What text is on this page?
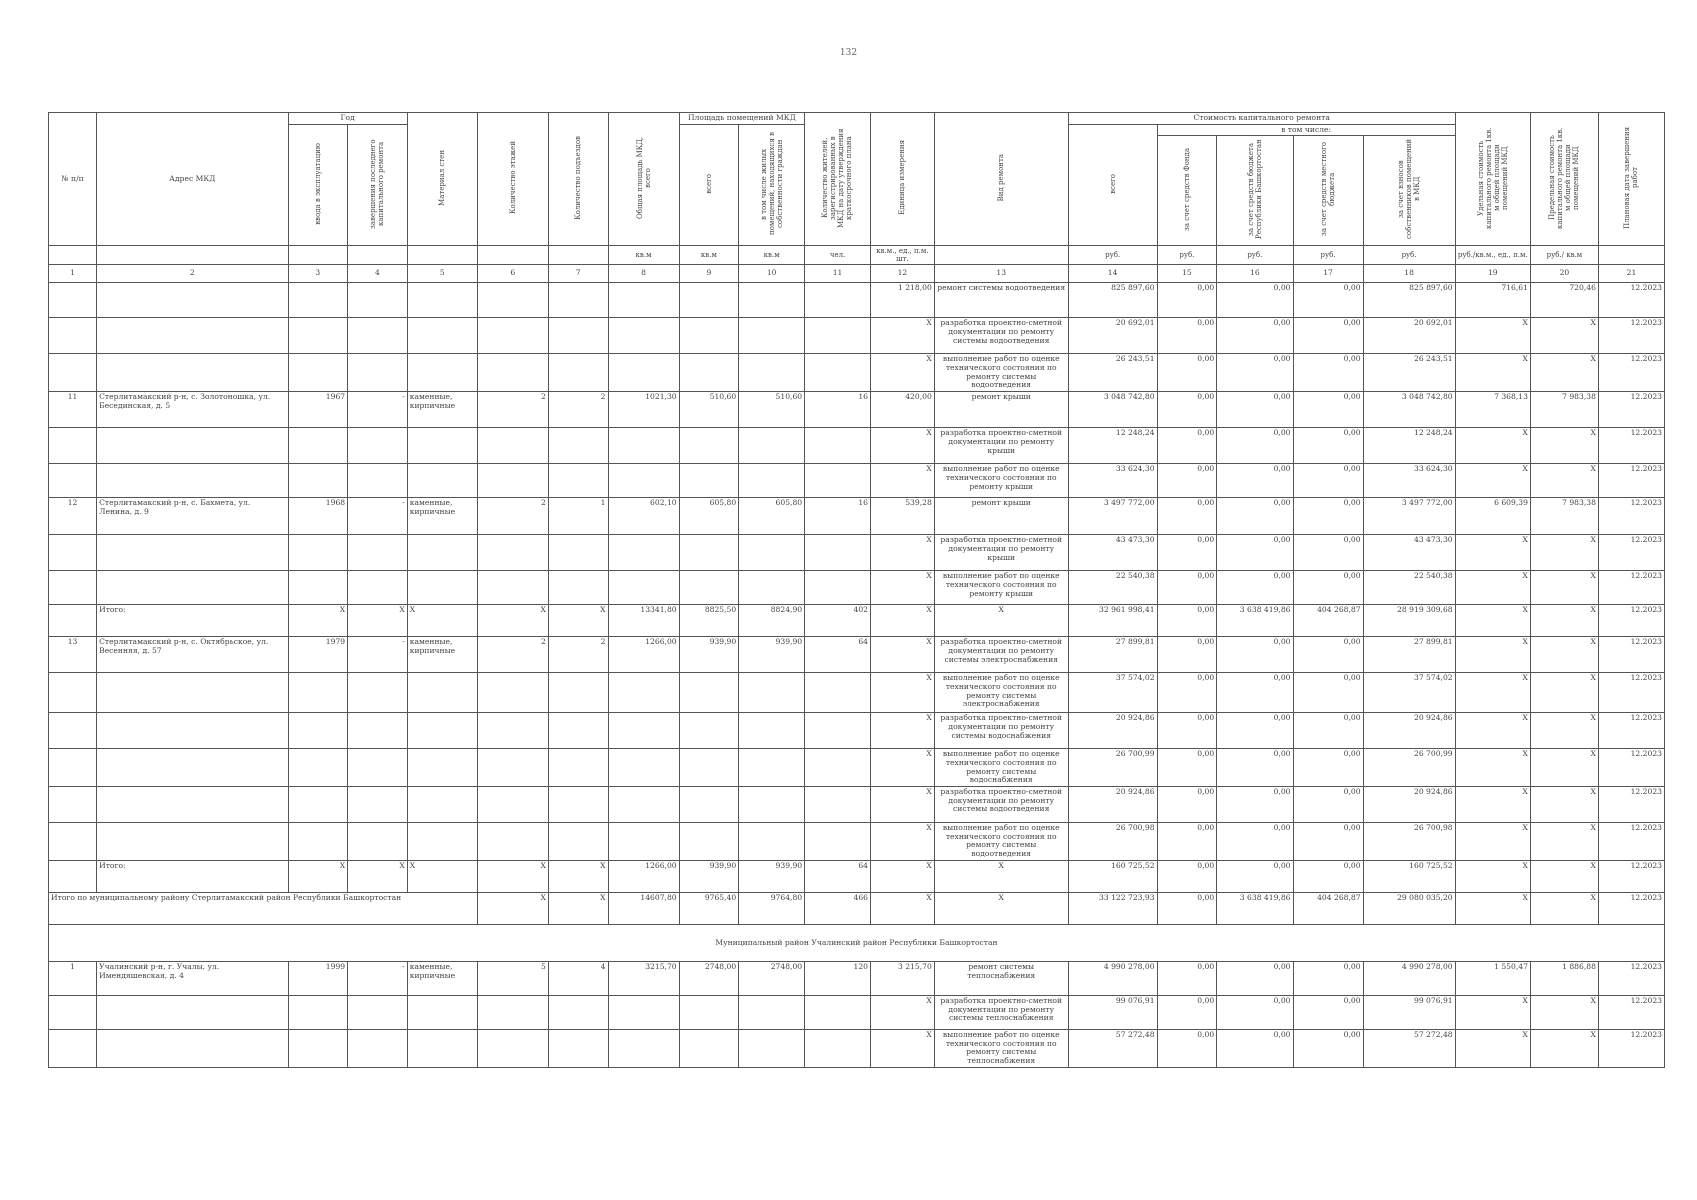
132
№ п/п	Адрес МКД	Год		Материал стен	Количество этажей	Количество подъездов	Общая площадь МКД, всего	Площадь помещений МКД		Количество жителей, зарегистрированных в МКД на дату утверждения краткосрочного плана	Единица измерения	Вид ремонта	Стоимость капитального ремонта					Удельная стоимость капитального ремонта 1кв. м общей площади помещений МКД	Предельная стоимость капитального ремонта 1кв. м общей площади помещений МКД	Плановая дата завершения работ
		ввода в эксплуатацию	завершения последнего капитального ремонта					всего	в том числе жилых помещений, находящихся в собственности граждан				всего	в том числе:						
														за счет средств Фонда	за счет средств бюджета Республики Башкортостан	за счет средств местного бюджета	за счет взносов собственников помещений в МКД			
							кв.м	кв.м	кв.м	чел.	кв.м., ед., п.м. шт.		руб.	руб.	руб.	руб.	руб.	руб./кв.м., ед., п.м.	руб./ кв.м	
1	2	3	4	5	6	7	8	9	10	11	12	13	14	15	16	17	18	19	20	21
											1 218,00	ремонт системы водоотведения	825 897,60	0,00	0,00	0,00	825 897,60	716,61	720,46	12.2023
											X	разработка проектно-сметной документации по ремонту системы водоотведения	20 692,01	0,00	0,00	0,00	20 692,01	X	X	12.2023
											X	выполнение работ по оценке технического состояния по ремонту системы водоотведения	26 243,51	0,00	0,00	0,00	26 243,51	X	X	12.2023
11	Стерлитамакский р-н, с. Золотоношка, ул. Бесединская, д. 5	1967	-	каменные, кирпичные	2	2	1021,30	510,60	510,60	16	420,00	ремонт крыши	3 048 742,80	0,00	0,00	0,00	3 048 742,80	7 368,13	7 983,38	12.2023
											X	разработка проектно-сметной документации по ремонту крыши	12 248,24	0,00	0,00	0,00	12 248,24	X	X	12.2023
											X	выполнение работ по оценке технического состояния по ремонту крыши	33 624,30	0,00	0,00	0,00	33 624,30	X	X	12.2023
12	Стерлитамакский р-н, с. Бахмета, ул. Ленина, д. 9	1968	-	каменные, кирпичные	2	1	602,10	605,80	605,80	16	539,28	ремонт крыши	3 497 772,00	0,00	0,00	0,00	3 497 772,00	6 609,39	7 983,38	12.2023
											X	разработка проектно-сметной документации по ремонту крыши	43 473,30	0,00	0,00	0,00	43 473,30	X	X	12.2023
											X	выполнение работ по оценке технического состояния по ремонту крыши	22 540,38	0,00	0,00	0,00	22 540,38	X	X	12.2023
	Итого:	X	X	X	X	X	13341,80	8825,50	8824,90	402	X	X	32 961 998,41	0,00	3 638 419,86	404 268,87	28 919 309,68	X	X	12.2023
13	Стерлитамакский р-н, с. Октябрьское, ул. Весенняя, д. 57	1979	-	каменные, кирпичные	2	2	1266,00	939,90	939,90	64	X	разработка проектно-сметной документации по ремонту системы электроснабжения	27 899,81	0,00	0,00	0,00	27 899,81	X	X	12.2023
											X	выполнение работ по оценке технического состояния по ремонту системы электроснабжения	37 574,02	0,00	0,00	0,00	37 574,02	X	X	12.2023
											X	разработка проектно-сметной документации по ремонту системы водоснабжения	20 924,86	0,00	0,00	0,00	20 924,86	X	X	12.2023
											X	выполнение работ по оценке технического состояния по ремонту системы водоснабжения	26 700,99	0,00	0,00	0,00	26 700,99	X	X	12.2023
											X	разработка проектно-сметной документации по ремонту системы водоотведения	20 924,86	0,00	0,00	0,00	20 924,86	X	X	12.2023
											X	выполнение работ по оценке технического состояния по ремонту системы водоотведения	26 700,98	0,00	0,00	0,00	26 700,98	X	X	12.2023
	Итого:	X	X	X	X	X	1266,00	939,90	939,90	64	X	X	160 725,52	0,00	0,00	0,00	160 725,52	X	X	12.2023
Итого по муниципальному району Стерлитамакский район Республики Башкортостан					X	X	14607,80	9765,40	9764,80	466	X	X	33 122 723,93	0,00	3 638 419,86	404 268,87	29 080 035,20	X	X	12.2023
Муниципальный район Учалинский район Республики Башкортостан																				
1	Учалинский р-н, г. Учалы, ул. Имендяшевская, д. 4	1999	-	каменные, кирпичные	5	4	3215,70	2748,00	2748,00	120	3 215,70	ремонт системы теплоснабжения	4 990 278,00	0,00	0,00	0,00	4 990 278,00	1 550,47	1 886,88	12.2023
											X	разработка проектно-сметной документации по ремонту системы теплоснабжения	99 076,91	0,00	0,00	0,00	99 076,91	X	X	12.2023
											X	выполнение работ по оценке технического состояния по ремонту системы теплоснабжения	57 272,48	0,00	0,00	0,00	57 272,48	X	X	12.2023
